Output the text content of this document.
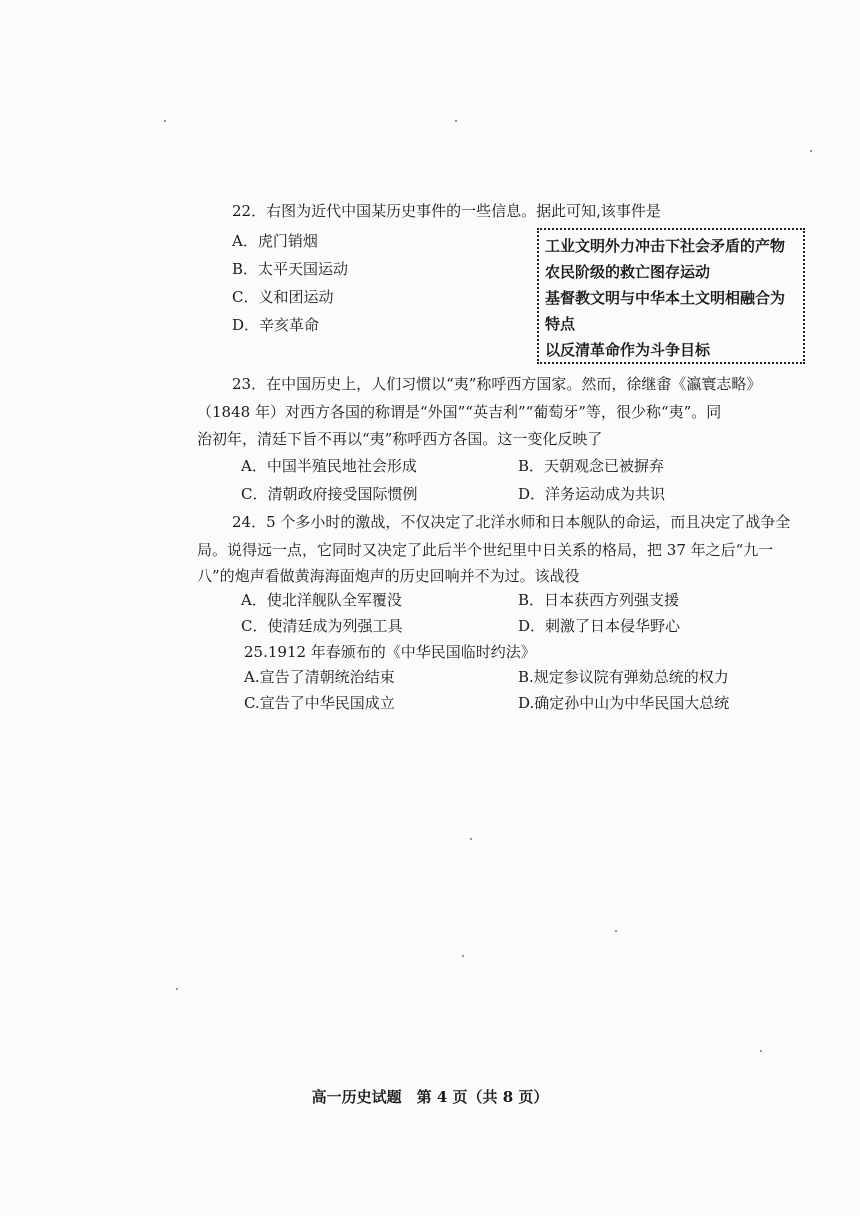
22．右图为近代中国某历史事件的一些信息。据此可知,该事件是
A．虎门销烟
B．太平天国运动
C．义和团运动
D．辛亥革命
工业文明外力冲击下社会矛盾的产物
农民阶级的救亡图存运动
基督教文明与中华本土文明相融合为
特点
以反清革命作为斗争目标
23．在中国历史上，人们习惯以“夷”称呼西方国家。然而，徐继畬《瀛寰志略》
（1848 年）对西方各国的称谓是“外国”“英吉利”“葡萄牙”等，很少称“夷”。同
治初年，清廷下旨不再以“夷”称呼西方各国。这一变化反映了
A．中国半殖民地社会形成	B．天朝观念已被摒弃
C．清朝政府接受国际惯例	D．洋务运动成为共识
24．5 个多小时的激战，不仅决定了北洋水师和日本舰队的命运，而且决定了战争全
局。说得远一点，它同时又决定了此后半个世纪里中日关系的格局，把 37 年之后“九一
八”的炮声看做黄海海面炮声的历史回响并不为过。该战役
A．使北洋舰队全军覆没	B．日本获西方列强支援
C．使清廷成为列强工具	D．刺激了日本侵华野心
25.1912 年春颁布的《中华民国临时约法》
A.宣告了清朝统治结束	B.规定参议院有弹劾总统的权力
C.宣告了中华民国成立	D.确定孙中山为中华民国大总统
高一历史试题　第 4 页（共 8 页）
